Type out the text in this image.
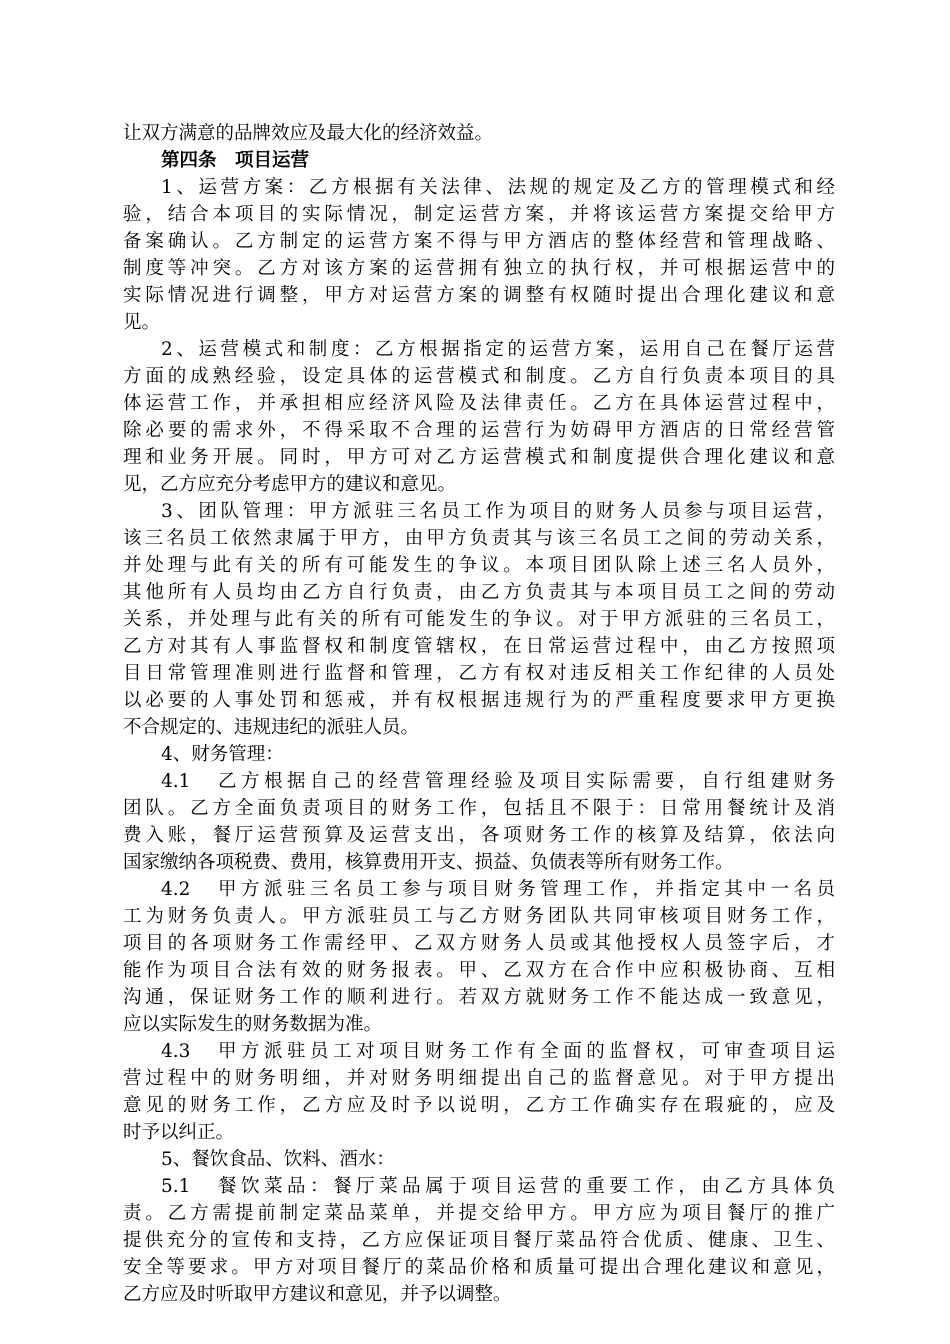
让双方满意的品牌效应及最大化的经济效益。
第四条　项目运营
1、运营方案：乙方根据有关法律、法规的规定及乙方的管理模式和经
验，结合本项目的实际情况，制定运营方案，并将该运营方案提交给甲方
备案确认。乙方制定的运营方案不得与甲方酒店的整体经营和管理战略、
制度等冲突。乙方对该方案的运营拥有独立的执行权，并可根据运营中的
实际情况进行调整，甲方对运营方案的调整有权随时提出合理化建议和意
见。
2、运营模式和制度：乙方根据指定的运营方案，运用自己在餐厅运营
方面的成熟经验，设定具体的运营模式和制度。乙方自行负责本项目的具
体运营工作，并承担相应经济风险及法律责任。乙方在具体运营过程中，
除必要的需求外，不得采取不合理的运营行为妨碍甲方酒店的日常经营管
理和业务开展。同时，甲方可对乙方运营模式和制度提供合理化建议和意
见，乙方应充分考虑甲方的建议和意见。
3、团队管理：甲方派驻三名员工作为项目的财务人员参与项目运营，
该三名员工依然隶属于甲方，由甲方负责其与该三名员工之间的劳动关系，
并处理与此有关的所有可能发生的争议。本项目团队除上述三名人员外，
其他所有人员均由乙方自行负责，由乙方负责其与本项目员工之间的劳动
关系，并处理与此有关的所有可能发生的争议。对于甲方派驻的三名员工，
乙方对其有人事监督权和制度管辖权，在日常运营过程中，由乙方按照项
目日常管理准则进行监督和管理，乙方有权对违反相关工作纪律的人员处
以必要的人事处罚和惩戒，并有权根据违规行为的严重程度要求甲方更换
不合规定的、违规违纪的派驻人员。
4、财务管理：
4.1　乙方根据自己的经营管理经验及项目实际需要，自行组建财务
团队。乙方全面负责项目的财务工作，包括且不限于：日常用餐统计及消
费入账，餐厅运营预算及运营支出，各项财务工作的核算及结算，依法向
国家缴纳各项税费、费用，核算费用开支、损益、负债表等所有财务工作。
4.2　甲方派驻三名员工参与项目财务管理工作，并指定其中一名员
工为财务负责人。甲方派驻员工与乙方财务团队共同审核项目财务工作，
项目的各项财务工作需经甲、乙双方财务人员或其他授权人员签字后，才
能作为项目合法有效的财务报表。甲、乙双方在合作中应积极协商、互相
沟通，保证财务工作的顺利进行。若双方就财务工作不能达成一致意见，
应以实际发生的财务数据为准。
4.3　甲方派驻员工对项目财务工作有全面的监督权，可审查项目运
营过程中的财务明细，并对财务明细提出自己的监督意见。对于甲方提出
意见的财务工作，乙方应及时予以说明，乙方工作确实存在瑕疵的，应及
时予以纠正。
5、餐饮食品、饮料、酒水：
5.1　餐饮菜品：餐厅菜品属于项目运营的重要工作，由乙方具体负
责。乙方需提前制定菜品菜单，并提交给甲方。甲方应为项目餐厅的推广
提供充分的宣传和支持，乙方应保证项目餐厅菜品符合优质、健康、卫生、
安全等要求。甲方对项目餐厅的菜品价格和质量可提出合理化建议和意见，
乙方应及时听取甲方建议和意见，并予以调整。
